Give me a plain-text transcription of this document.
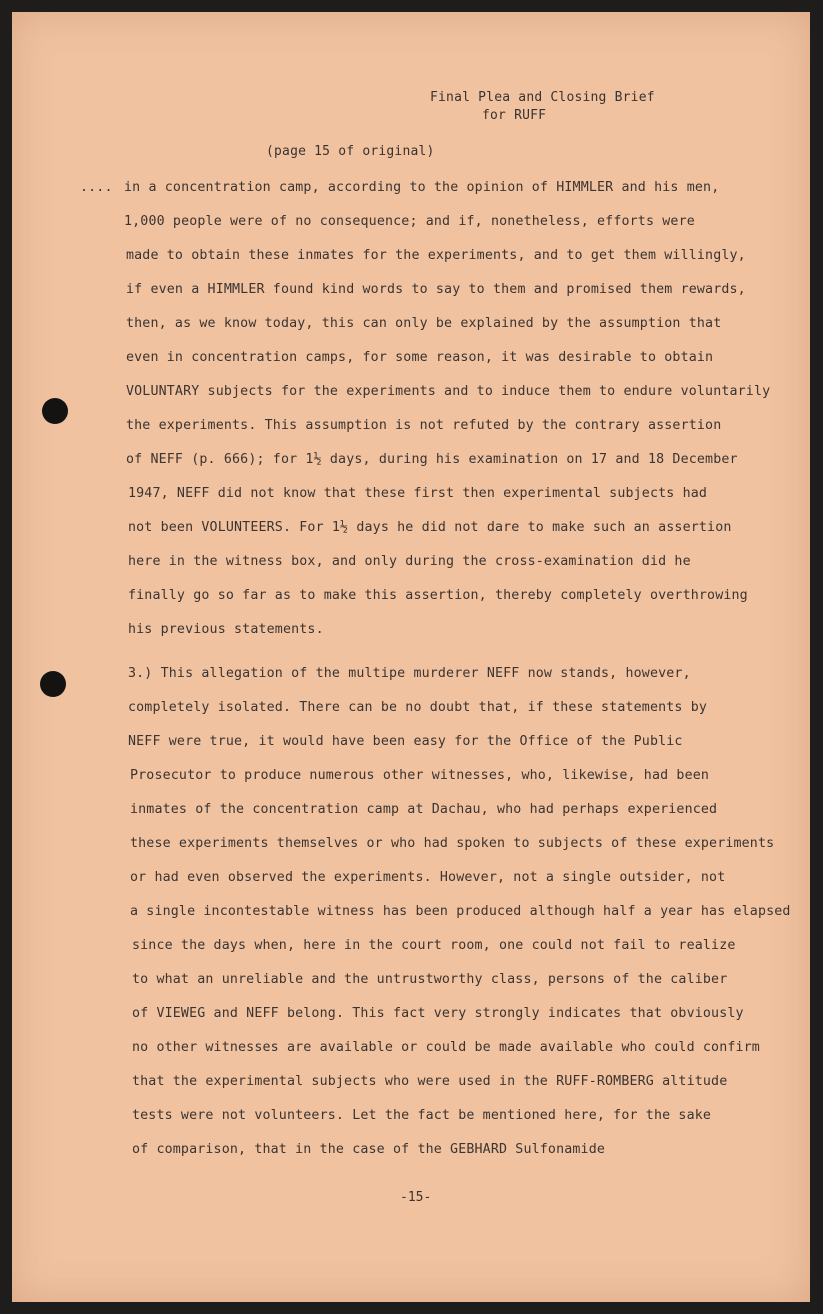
Final Plea and Closing Brief
for RUFF
(page 15 of original)
.... in a concentration camp, according to the opinion of HIMMLER and his men,
1,000 people were of no consequence; and if, nonetheless, efforts were
made to obtain these inmates for the experiments, and to get them willingly,
if even a HIMMLER found kind words to say to them and promised them rewards,
then, as we know today, this can only be explained by the assumption that
even in concentration camps, for some reason, it was desirable to obtain
VOLUNTARY subjects for the experiments and to induce them to endure voluntarily
the experiments. This assumption is not refuted by the contrary assertion
of NEFF (p. 666); for 1½ days, during his examination on 17 and 18 December
1947, NEFF did not know that these first then experimental subjects had
not been VOLUNTEERS. For 1½ days he did not dare to make such an assertion
here in the witness box, and only during the cross-examination did he
finally go so far as to make this assertion, thereby completely overthrowing
his previous statements.
3.) This allegation of the multipe murderer NEFF now stands, however,
completely isolated. There can be no doubt that, if these statements by
NEFF were true, it would have been easy for the Office of the Public
Prosecutor to produce numerous other witnesses, who, likewise, had been
inmates of the concentration camp at Dachau, who had perhaps experienced
these experiments themselves or who had spoken to subjects of these experiments
or had even observed the experiments. However, not a single outsider, not
a single incontestable witness has been produced although half a year has elapsed
since the days when, here in the court room, one could not fail to realize
to what an unreliable and the untrustworthy class, persons of the caliber
of VIEWEG and NEFF belong. This fact very strongly indicates that obviously
no other witnesses are available or could be made available who could confirm
that the experimental subjects who were used in the RUFF-ROMBERG altitude
tests were not volunteers. Let the fact be mentioned here, for the sake
of comparison, that in the case of the GEBHARD Sulfonamide
-15-
